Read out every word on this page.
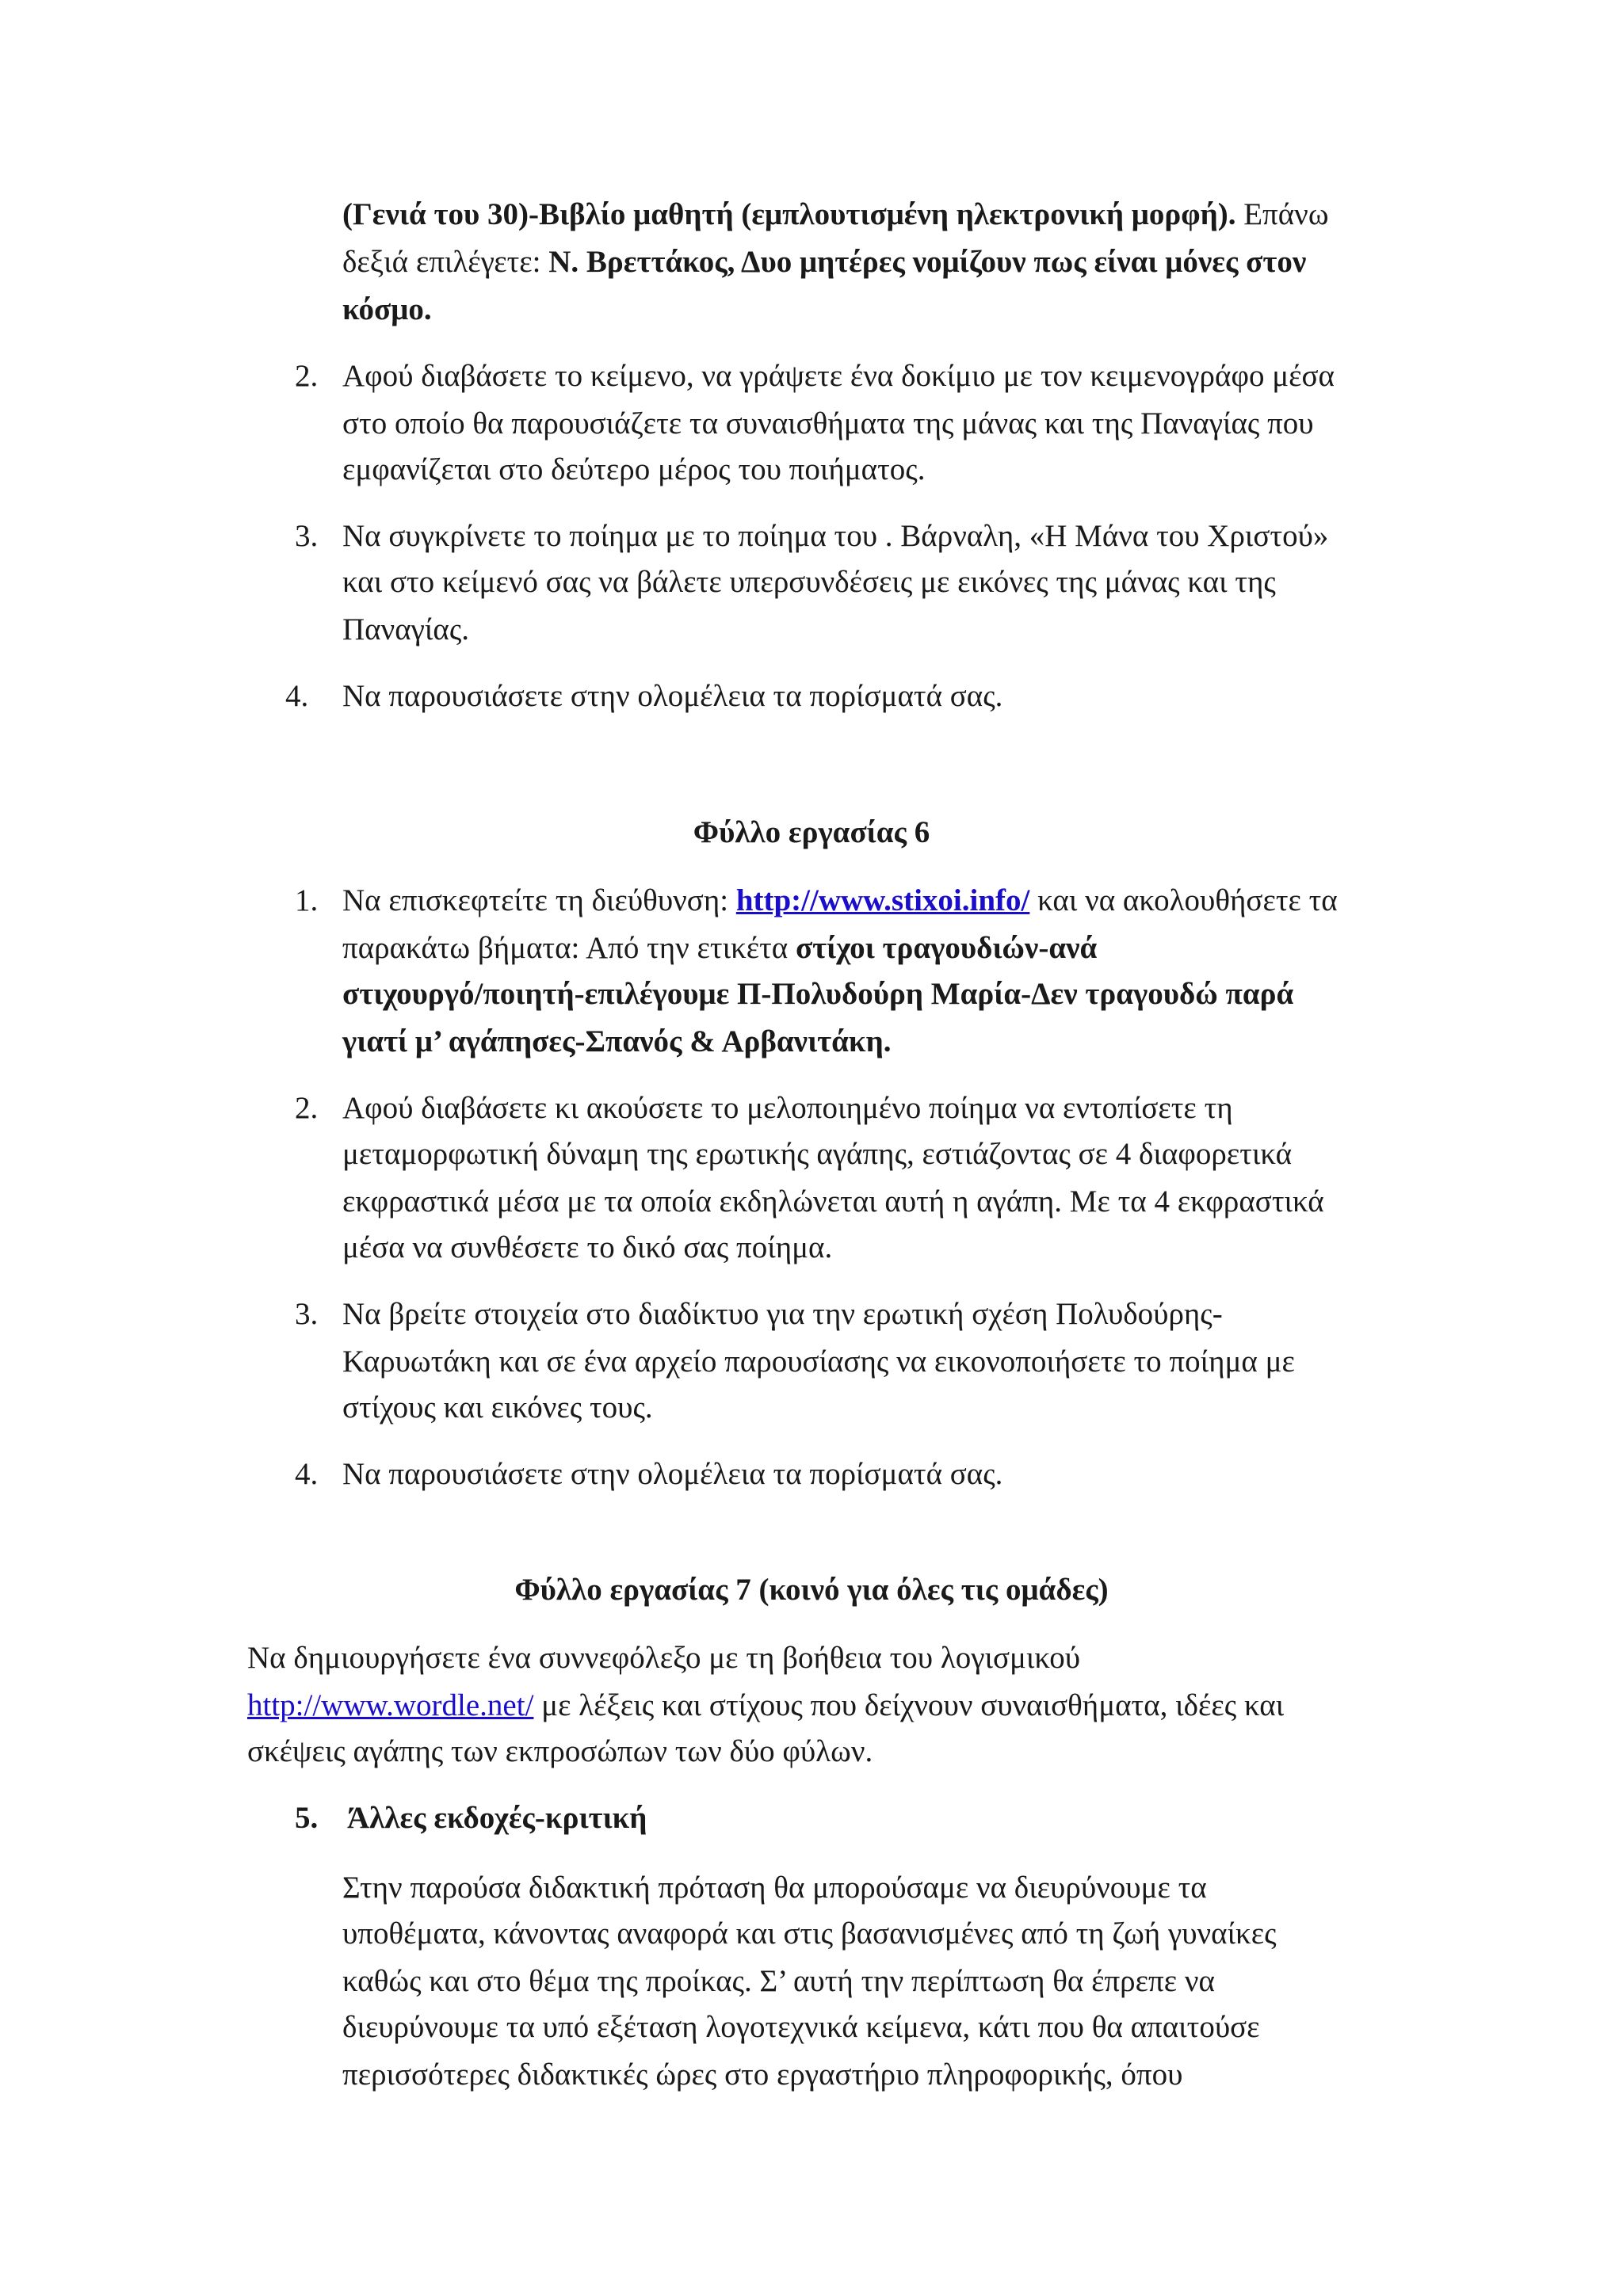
(Γενιά του 30)-Βιβλίο μαθητή (εμπλουτισμένη ηλεκτρονική μορφή). Επάνω
δεξιά επιλέγετε: Ν. Βρεττάκος, Δυο μητέρες νομίζουν πως είναι μόνες στον
κόσμο.
2. Αφού διαβάσετε το κείμενο, να γράψετε ένα δοκίμιο με τον κειμενογράφο μέσα
στο οποίο θα παρουσιάζετε τα συναισθήματα της μάνας και της Παναγίας που
εμφανίζεται στο δεύτερο μέρος του ποιήματος.
3. Να συγκρίνετε το ποίημα με το ποίημα του . Βάρναλη, «Η Μάνα του Χριστού»
και στο κείμενό σας να βάλετε υπερσυνδέσεις με εικόνες της μάνας και της
Παναγίας.
4. Να παρουσιάσετε στην ολομέλεια τα πορίσματά σας.
Φύλλο εργασίας 6
1. Να επισκεφτείτε τη διεύθυνση: http://www.stixoi.info/ και να ακολουθήσετε τα
παρακάτω βήματα: Από την ετικέτα στίχοι τραγουδιών-ανά
στιχουργό/ποιητή-επιλέγουμε Π-Πολυδούρη Μαρία-Δεν τραγουδώ παρά
γιατί μ’ αγάπησες-Σπανός & Αρβανιτάκη.
2. Αφού διαβάσετε κι ακούσετε το μελοποιημένο ποίημα να εντοπίσετε τη
μεταμορφωτική δύναμη της ερωτικής αγάπης, εστιάζοντας σε 4 διαφορετικά
εκφραστικά μέσα με τα οποία εκδηλώνεται αυτή η αγάπη. Με τα 4 εκφραστικά
μέσα να συνθέσετε το δικό σας ποίημα.
3. Να βρείτε στοιχεία στο διαδίκτυο για την ερωτική σχέση Πολυδούρης-
Καρυωτάκη και σε ένα αρχείο παρουσίασης να εικονοποιήσετε το ποίημα με
στίχους και εικόνες τους.
4. Να παρουσιάσετε στην ολομέλεια τα πορίσματά σας.
Φύλλο εργασίας 7 (κοινό για όλες τις ομάδες)
Να δημιουργήσετε ένα συννεφόλεξο με τη βοήθεια του λογισμικού
http://www.wordle.net/ με λέξεις και στίχους που δείχνουν συναισθήματα, ιδέες και
σκέψεις αγάπης των εκπροσώπων των δύο φύλων.
5. Άλλες εκδοχές-κριτική
Στην παρούσα διδακτική πρόταση θα μπορούσαμε να διευρύνουμε τα
υποθέματα, κάνοντας αναφορά και στις βασανισμένες από τη ζωή γυναίκες
καθώς και στο θέμα της προίκας. Σ’ αυτή την περίπτωση θα έπρεπε να
διευρύνουμε τα υπό εξέταση λογοτεχνικά κείμενα, κάτι που θα απαιτούσε
περισσότερες διδακτικές ώρες στο εργαστήριο πληροφορικής, όπου
